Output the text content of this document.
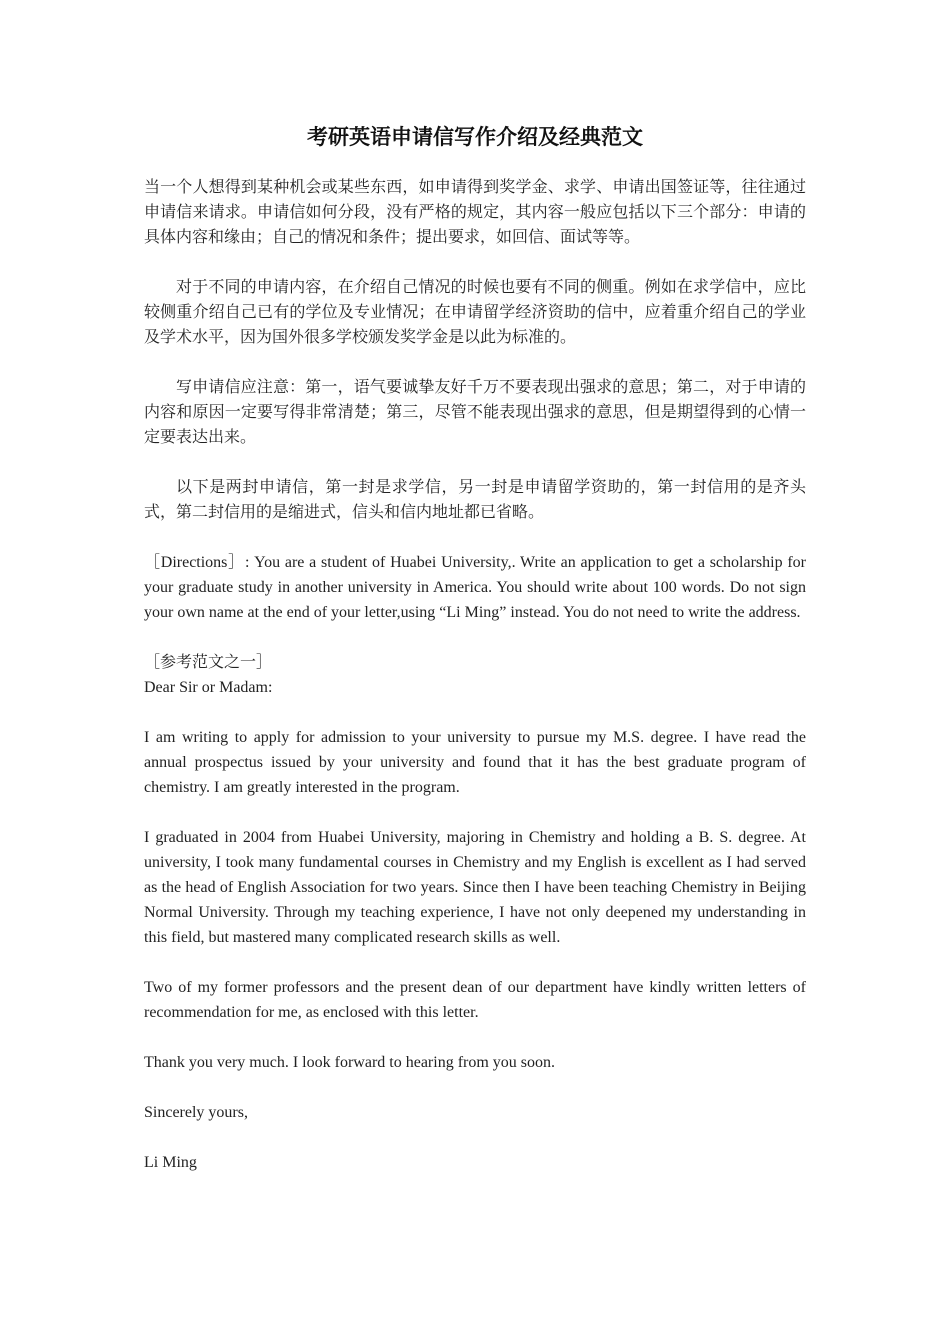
考研英语申请信写作介绍及经典范文

当一个人想得到某种机会或某些东西，如申请得到奖学金、求学、申请出国签证等，往往通过申请信来请求。申请信如何分段，没有严格的规定，其内容一般应包括以下三个部分：申请的具体内容和缘由；自己的情况和条件；提出要求，如回信、面试等等。

对于不同的申请内容，在介绍自己情况的时候也要有不同的侧重。例如在求学信中，应比较侧重介绍自己已有的学位及专业情况；在申请留学经济资助的信中，应着重介绍自己的学业及学术水平，因为国外很多学校颁发奖学金是以此为标准的。

写申请信应注意：第一，语气要诚挚友好千万不要表现出强求的意思；第二，对于申请的内容和原因一定要写得非常清楚；第三，尽管不能表现出强求的意思，但是期望得到的心情一定要表达出来。

以下是两封申请信，第一封是求学信，另一封是申请留学资助的，第一封信用的是齐头式，第二封信用的是缩进式，信头和信内地址都已省略。

［Directions］: You are a student of Huabei University,. Write an application to get a scholarship for your graduate study in another university in America. You should write about 100 words. Do not sign your own name at the end of your letter,using “Li Ming” instead. You do not need to write the address.

［参考范文之一］

Dear Sir or Madam:

I am writing to apply for admission to your university to pursue my M.S. degree. I have read the annual prospectus issued by your university and found that it has the best graduate program of chemistry. I am greatly interested in the program.

I graduated in 2004 from Huabei University, majoring in Chemistry and holding a B. S. degree. At university, I took many fundamental courses in Chemistry and my English is excellent as I had served as the head of English Association for two years. Since then I have been teaching Chemistry in Beijing Normal University. Through my teaching experience, I have not only deepened my understanding in this field, but mastered many complicated research skills as well.

Two of my former professors and the present dean of our department have kindly written letters of recommendation for me, as enclosed with this letter.

Thank you very much. I look forward to hearing from you soon.

Sincerely yours,

Li Ming
